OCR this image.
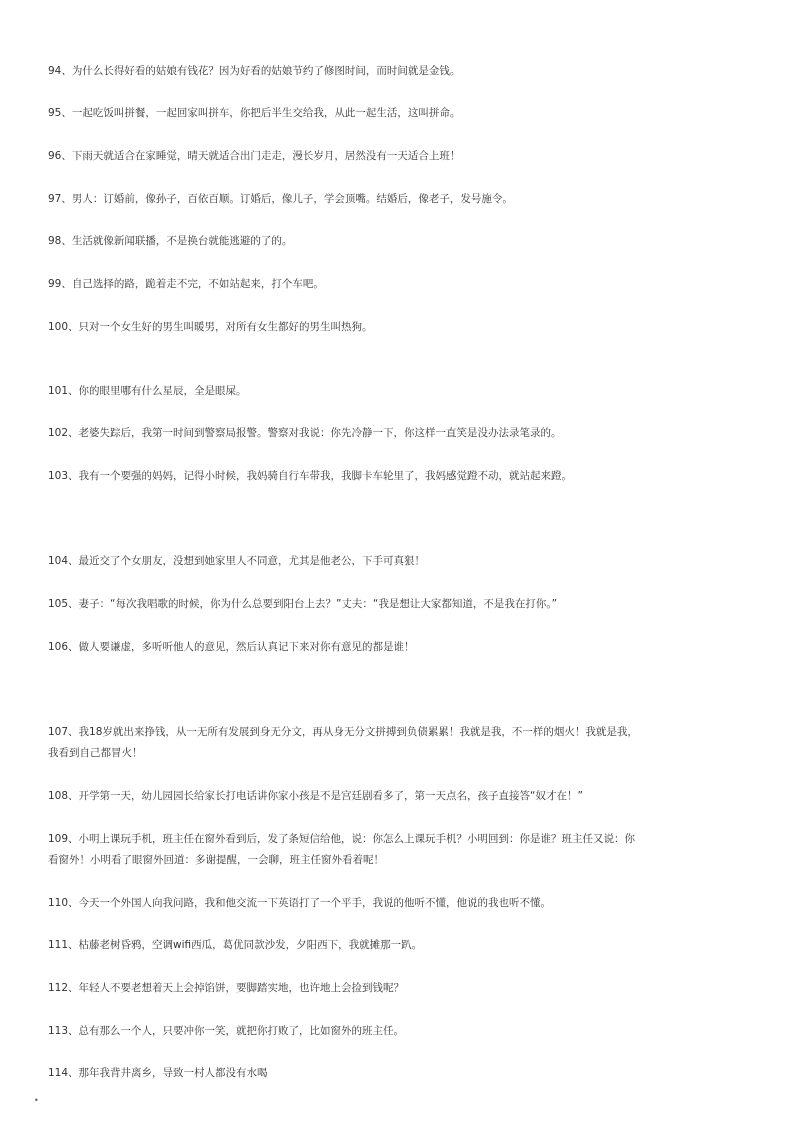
94、为什么长得好看的姑娘有钱花？因为好看的姑娘节约了修图时间，而时间就是金钱。

95、一起吃饭叫拼餐，一起回家叫拼车，你把后半生交给我，从此一起生活，这叫拼命。

96、下雨天就适合在家睡觉，晴天就适合出门走走，漫长岁月，居然没有一天适合上班！

97、男人：订婚前，像孙子，百依百顺。订婚后，像儿子，学会顶嘴。结婚后，像老子，发号施令。

98、生活就像新闻联播，不是换台就能逃避的了的。

99、自己选择的路，跪着走不完，不如站起来，打个车吧。

100、只对一个女生好的男生叫暖男，对所有女生都好的男生叫热狗。

101、你的眼里哪有什么星辰，全是眼屎。

102、老婆失踪后，我第一时间到警察局报警。警察对我说：你先冷静一下，你这样一直笑是没办法录笔录的。

103、我有一个要强的妈妈，记得小时候，我妈骑自行车带我，我脚卡车轮里了，我妈感觉蹬不动，就站起来蹬。

104、最近交了个女朋友，没想到她家里人不同意，尤其是他老公，下手可真狠！

105、妻子：“每次我唱歌的时候，你为什么总要到阳台上去？”丈夫：“我是想让大家都知道，不是我在打你。”

106、做人要谦虚，多听听他人的意见，然后认真记下来对你有意见的都是谁！

107、我18岁就出来挣钱，从一无所有发展到身无分文，再从身无分文拼搏到负债累累！我就是我，不一样的烟火！我就是我，我看到自己都冒火！

108、开学第一天，幼儿园园长给家长打电话讲你家小孩是不是宫廷剧看多了，第一天点名，孩子直接答“奴才在！”

109、小明上课玩手机，班主任在窗外看到后，发了条短信给他，说：你怎么上课玩手机？小明回到：你是谁？班主任又说：你看窗外！小明看了眼窗外回道：多谢提醒，一会聊，班主任窗外看着呢！

110、今天一个外国人向我问路，我和他交流一下英语打了一个平手，我说的他听不懂，他说的我也听不懂。

111、枯藤老树昏鸦，空调wifi西瓜，葛优同款沙发，夕阳西下，我就摊那一趴。

112、年轻人不要老想着天上会掉馅饼，要脚踏实地，也许地上会捡到钱呢？

113、总有那么一个人，只要冲你一笑，就把你打败了，比如窗外的班主任。

114、那年我背井离乡，导致一村人都没有水喝

•
